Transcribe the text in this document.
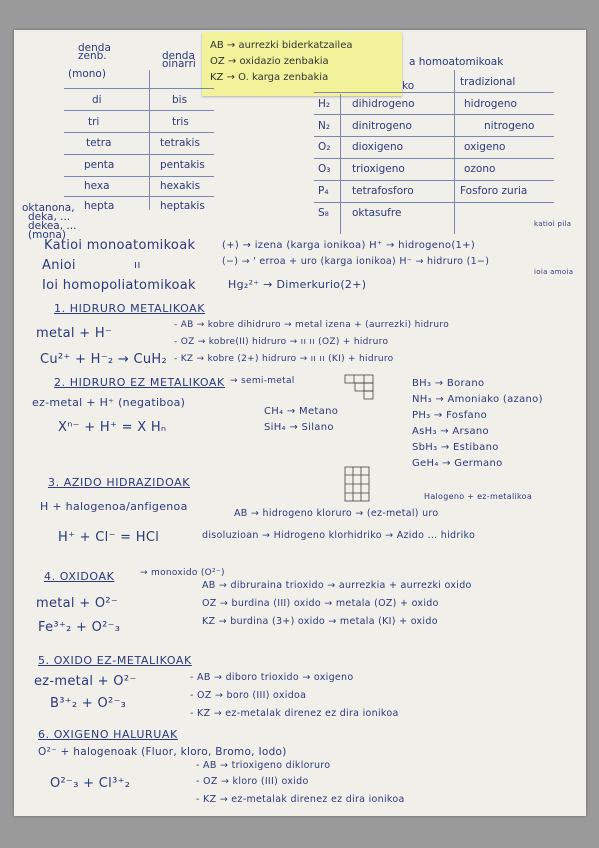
AB → aurrezki biderkatzailea
OZ → oxidazio zenbakia
KZ → O. karga zenbakia
denda
zenb.	denda
oinarri
(mono)
di	bis
tri	tris
tetra	tetrakis
penta	pentakis
hexa	hexakis
hepta	heptakis
oktanona,
deka, ...
dekea, ...
(mona)
a homoatomikoak
ko	tradizional
H₂ dihidrogeno	hidrogeno
N₂ dinitrogeno	nitrogeno
O₂ dioxigeno	oxigeno
O₃ trioxigeno	ozono
P₄ tetrafosforo	Fosforo zuria
S₈ oktasufre
Katioi monoatomikoak	(+) → izena (karga ionikoa) H⁺ → hidrogeno(1+)
katioi pila
Anioi	ıı	(−) → ' erroa + uro (karga ionikoa) H⁻ → hidruro (1−)
ioia amoia
Ioi homopoliatomikoak	Hg₂²⁺ → Dimerkurio(2+)
1. HIDRURO METALIKOAK
metal + H⁻
- AB → kobre dihidruro → metal izena + (aurrezki) hidruro
- OZ → kobre(II) hidruro → ıı ıı (OZ) + hidruro
Cu²⁺ + H⁻₂ → CuH₂ - KZ → kobre (2+) hidruro → ıı ıı (KI) + hidruro
2. HIDRURO EZ METALIKOAK → semi-metal
ez-metal + H⁺ (negatiboa)
Xⁿ⁻ + H⁺ = X Hₙ
CH₄ → Metano
SiH₄ → Silano
BH₃ → Borano
NH₃ → Amoniako (azano)
PH₃ → Fosfano
AsH₃ → Arsano
SbH₃ → Estibano
GeH₄ → Germano
3. AZIDO HIDRAZIDOAK
Halogeno + ez-metalikoa
H + halogenoa/anfigenoa
AB → hidrogeno kloruro → (ez-metal) uro
H⁺ + Cl⁻ = HCl	disoluzioan → Hidrogeno klorhidriko → Azido ... hidriko
4. OXIDOAK	→ monoxido (O²⁻)
AB → dibruraina trioxido → aurrezkia + aurrezki oxido
metal + O²⁻	OZ → burdina (III) oxido → metala (OZ) + oxido
Fe³⁺₂ + O²⁻₃	KZ → burdina (3+) oxido → metala (KI) + oxido
5. OXIDO EZ-METALIKOAK
ez-metal + O²⁻	- AB → diboro trioxido → oxigeno
B³⁺₂ + O²⁻₃
- OZ → boro (III) oxidoa
- KZ → ez-metalak direnez ez dira ionikoa
6. OXIGENO HALURUAK
O²⁻ + halogenoak (Fluor, kloro, Bromo, Iodo)
- AB → trioxigeno dikloruro
O²⁻₃ + Cl³⁺₂	- OZ → kloro (III) oxido
- KZ → ez-metalak direnez ez dira ionikoa
